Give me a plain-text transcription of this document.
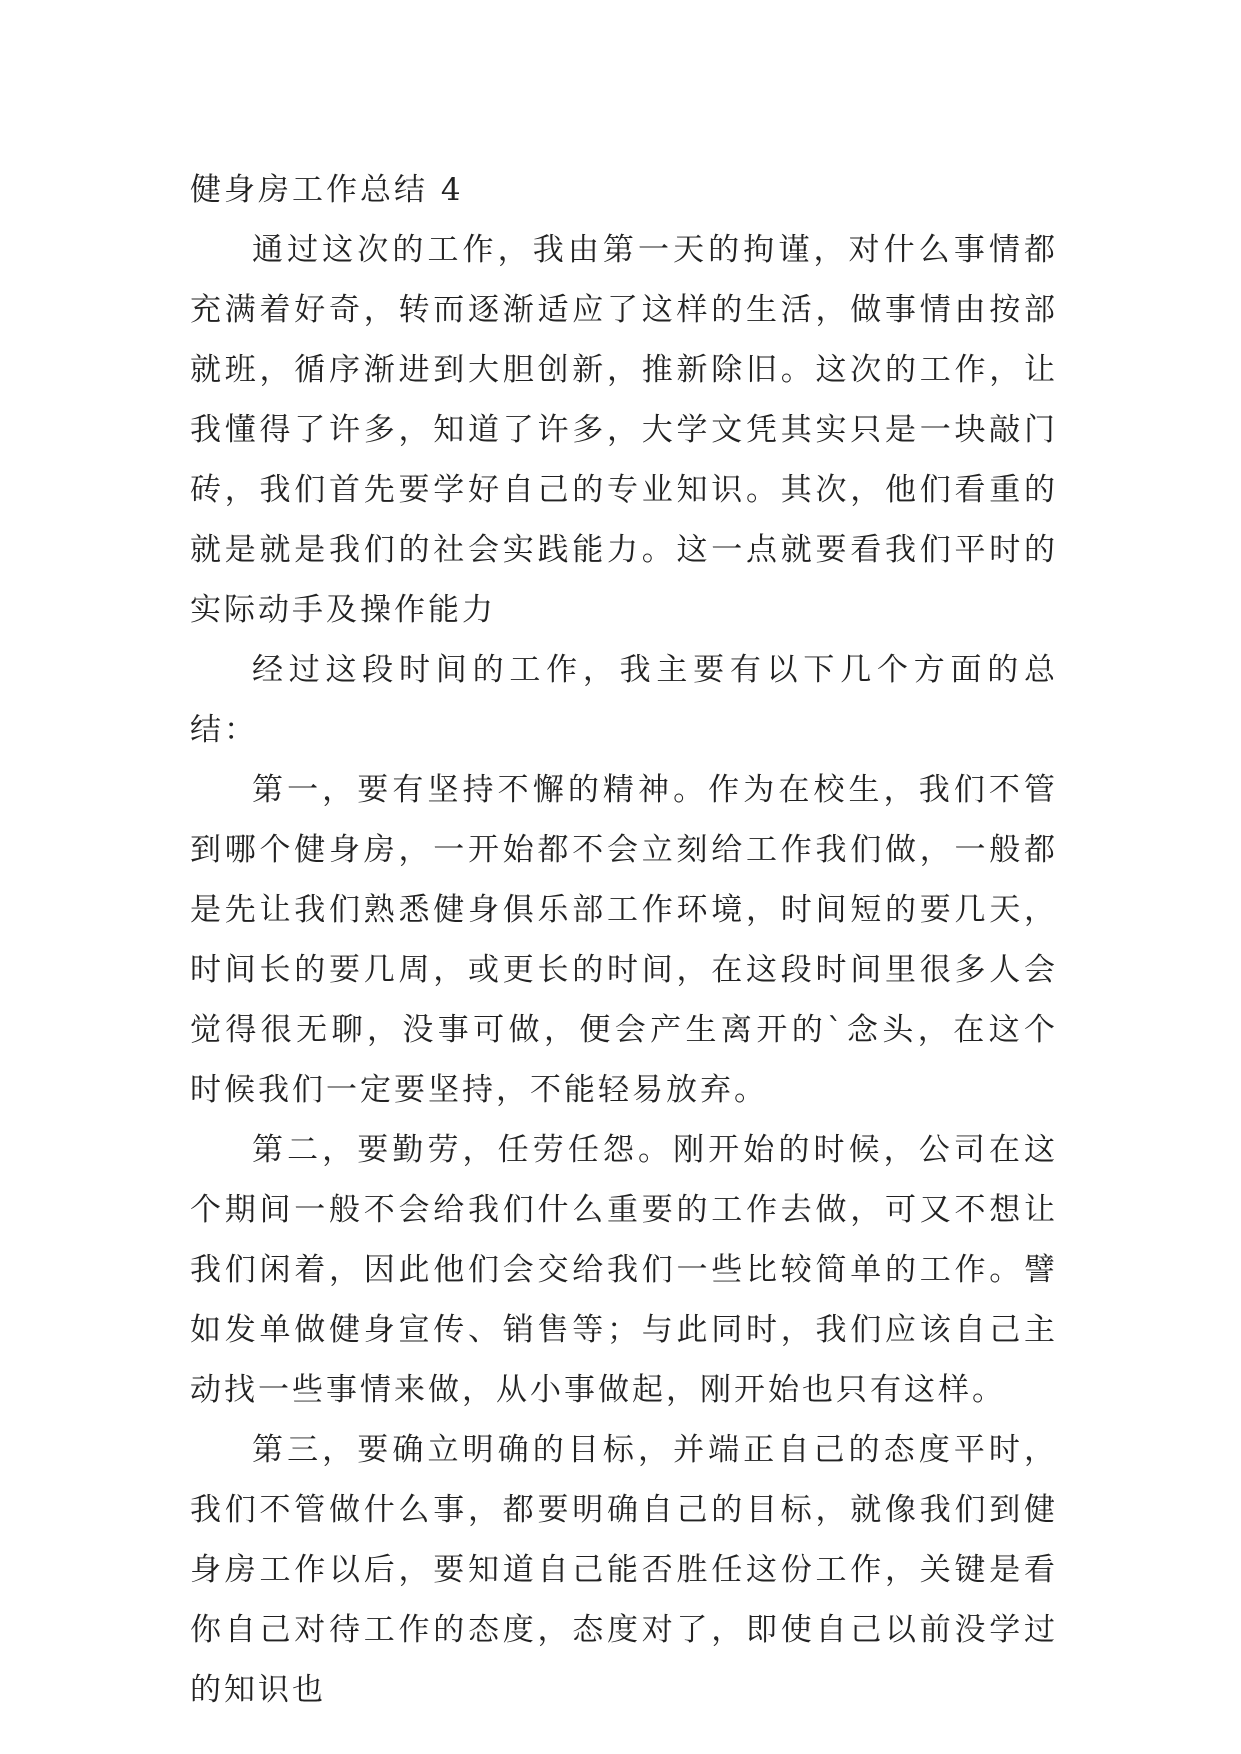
健身房工作总结 4

通过这次的工作，我由第一天的拘谨，对什么事情都充满着好奇，转而逐渐适应了这样的生活，做事情由按部就班，循序渐进到大胆创新，推新除旧。这次的工作，让我懂得了许多，知道了许多，大学文凭其实只是一块敲门砖，我们首先要学好自己的专业知识。其次，他们看重的就是就是我们的社会实践能力。这一点就要看我们平时的实际动手及操作能力

经过这段时间的工作，我主要有以下几个方面的总结：

第一，要有坚持不懈的精神。作为在校生，我们不管到哪个健身房，一开始都不会立刻给工作我们做，一般都是先让我们熟悉健身俱乐部工作环境，时间短的要几天，时间长的要几周，或更长的时间，在这段时间里很多人会觉得很无聊，没事可做，便会产生离开的`念头，在这个时候我们一定要坚持，不能轻易放弃。

第二，要勤劳，任劳任怨。刚开始的时候，公司在这个期间一般不会给我们什么重要的工作去做，可又不想让我们闲着，因此他们会交给我们一些比较简单的工作。譬如发单做健身宣传、销售等；与此同时，我们应该自己主动找一些事情来做，从小事做起，刚开始也只有这样。

第三，要确立明确的目标，并端正自己的态度平时，我们不管做什么事，都要明确自己的目标，就像我们到健身房工作以后，要知道自己能否胜任这份工作，关键是看你自己对待工作的态度，态度对了，即使自己以前没学过的知识也
